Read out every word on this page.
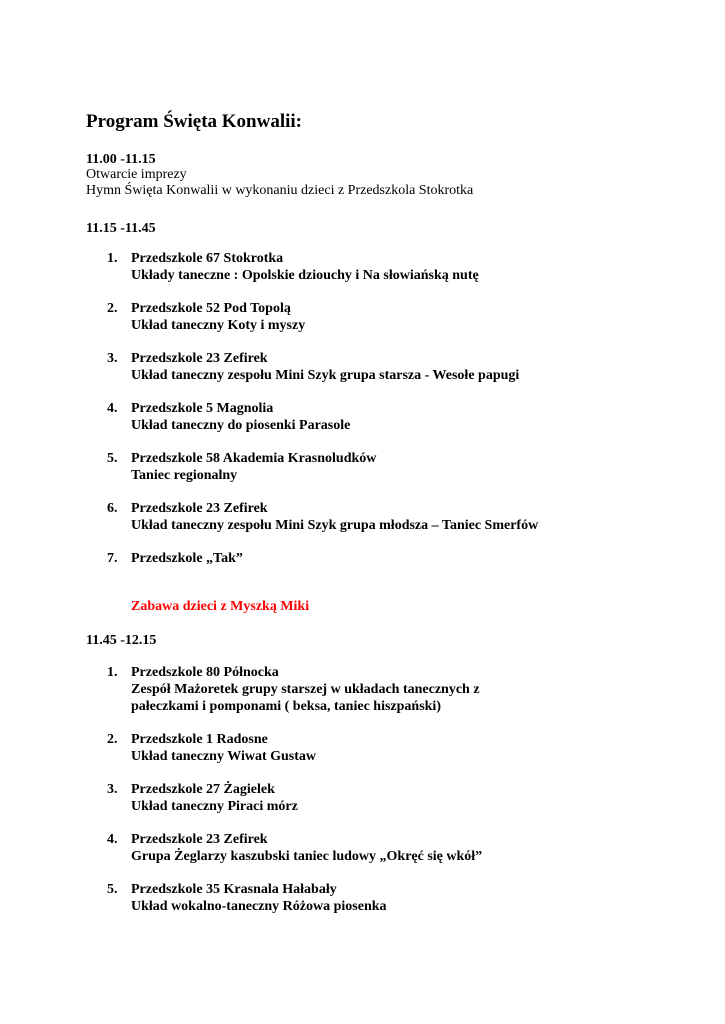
Program Święta Konwalii:
11.00 -11.15
Otwarcie imprezy
Hymn Święta Konwalii w wykonaniu dzieci z Przedszkola Stokrotka
11.15 -11.45
1. Przedszkole 67 Stokrotka
Układy taneczne : Opolskie dziouchy i Na słowiańską nutę
2. Przedszkole 52 Pod Topolą
Układ taneczny Koty i myszy
3. Przedszkole 23 Zefirek
Układ taneczny zespołu Mini Szyk grupa starsza - Wesołe papugi
4. Przedszkole 5 Magnolia
Układ taneczny do piosenki Parasole
5. Przedszkole 58 Akademia Krasnoludków
Taniec regionalny
6. Przedszkole 23 Zefirek
Układ taneczny zespołu Mini Szyk grupa młodsza – Taniec Smerfów
7. Przedszkole „Tak”
Zabawa dzieci z Myszką Miki
11.45 -12.15
1. Przedszkole 80 Północka
Zespół Mażoretek grupy starszej w układach tanecznych z
pałeczkami i pomponami ( beksa, taniec hiszpański)
2. Przedszkole 1 Radosne
Układ taneczny Wiwat Gustaw
3. Przedszkole 27 Żagielek
Układ taneczny Piraci mórz
4. Przedszkole 23 Zefirek
Grupa Żeglarzy kaszubski taniec ludowy „Okręć się wkół”
5. Przedszkole 35 Krasnala Hałabały
Układ wokalno-taneczny Różowa piosenka
